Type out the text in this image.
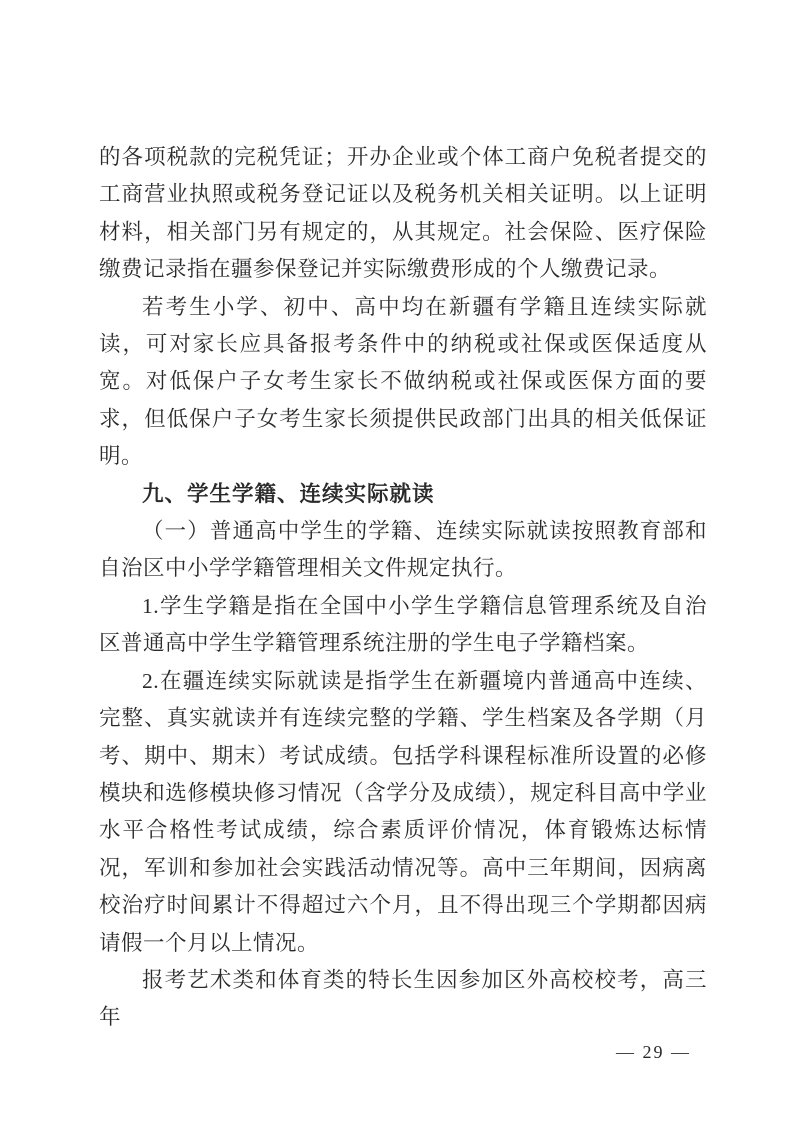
的各项税款的完税凭证；开办企业或个体工商户免税者提交的工商营业执照或税务登记证以及税务机关相关证明。以上证明材料，相关部门另有规定的，从其规定。社会保险、医疗保险缴费记录指在疆参保登记并实际缴费形成的个人缴费记录。

若考生小学、初中、高中均在新疆有学籍且连续实际就读，可对家长应具备报考条件中的纳税或社保或医保适度从宽。对低保户子女考生家长不做纳税或社保或医保方面的要求，但低保户子女考生家长须提供民政部门出具的相关低保证明。

九、学生学籍、连续实际就读

（一）普通高中学生的学籍、连续实际就读按照教育部和自治区中小学学籍管理相关文件规定执行。

1.学生学籍是指在全国中小学生学籍信息管理系统及自治区普通高中学生学籍管理系统注册的学生电子学籍档案。

2.在疆连续实际就读是指学生在新疆境内普通高中连续、完整、真实就读并有连续完整的学籍、学生档案及各学期（月考、期中、期末）考试成绩。包括学科课程标准所设置的必修模块和选修模块修习情况（含学分及成绩），规定科目高中学业水平合格性考试成绩，综合素质评价情况，体育锻炼达标情况，军训和参加社会实践活动情况等。高中三年期间，因病离校治疗时间累计不得超过六个月，且不得出现三个学期都因病请假一个月以上情况。

报考艺术类和体育类的特长生因参加区外高校校考，高三年

— 29 —
